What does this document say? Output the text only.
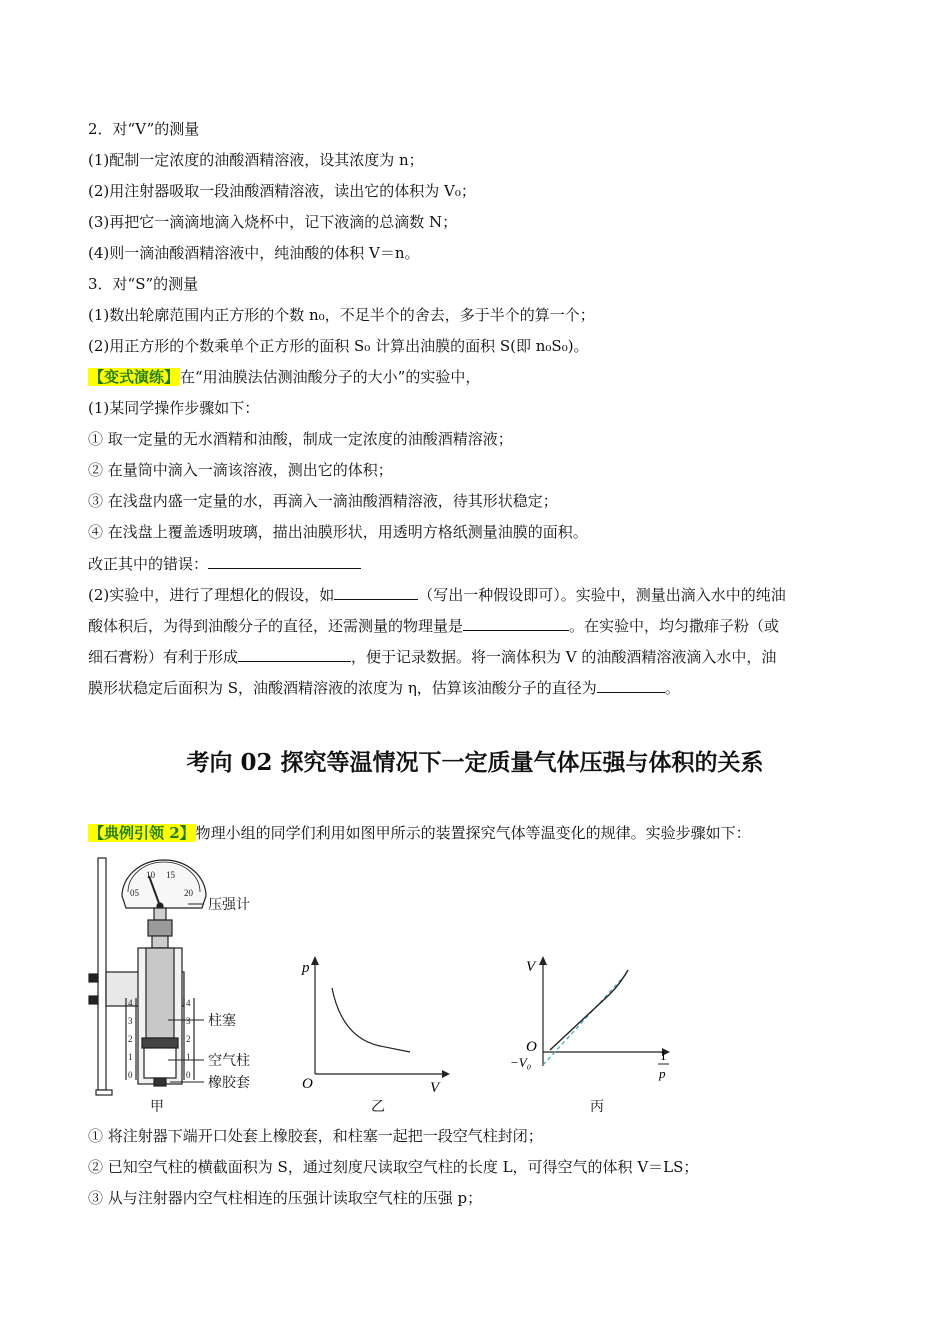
2．对“V”的测量
(1)配制一定浓度的油酸酒精溶液，设其浓度为 n；
(2)用注射器吸取一段油酸酒精溶液，读出它的体积为 V₀；
(3)再把它一滴滴地滴入烧杯中，记下液滴的总滴数 N；
(4)则一滴油酸酒精溶液中，纯油酸的体积 V＝n。
3．对“S”的测量
(1)数出轮廓范围内正方形的个数 n₀，不足半个的舍去，多于半个的算一个；
(2)用正方形的个数乘单个正方形的面积 S₀ 计算出油膜的面积 S(即 n₀S₀)。
【变式演练】在“用油膜法估测油酸分子的大小”的实验中，
(1)某同学操作步骤如下：
① 取一定量的无水酒精和油酸，制成一定浓度的油酸酒精溶液；
② 在量筒中滴入一滴该溶液，测出它的体积；
③ 在浅盘内盛一定量的水，再滴入一滴油酸酒精溶液，待其形状稳定；
④ 在浅盘上覆盖透明玻璃，描出油膜形状，用透明方格纸测量油膜的面积。
改正其中的错误：
(2)实验中，进行了理想化的假设，如	（写出一种假设即可）。实验中，测量出滴入水中的纯油
酸体积后，为得到油酸分子的直径，还需测量的物理量是	。在实验中，均匀撒痱子粉（或
细石膏粉）有利于形成	，便于记录数据。将一滴体积为 V 的油酸酒精溶液滴入水中，油
膜形状稳定后面积为 S，油酸酒精溶液的浓度为 η，估算该油酸分子的直径为	。
考向 02 探究等温情况下一定质量气体压强与体积的关系
【典例引领 2】物理小组的同学们利用如图甲所示的装置探究气体等温变化的规律。实验步骤如下：
05
10 15
20
4
3
2
1
0
4
3
2
1
0
压强计
柱塞
空气柱
橡胶套
p
V
O
V
O
−V₀	1
p
甲	乙	丙
① 将注射器下端开口处套上橡胶套，和柱塞一起把一段空气柱封闭；
② 已知空气柱的横截面积为 S，通过刻度尺读取空气柱的长度 L，可得空气的体积 V＝LS；
③ 从与注射器内空气柱相连的压强计读取空气柱的压强 p；
